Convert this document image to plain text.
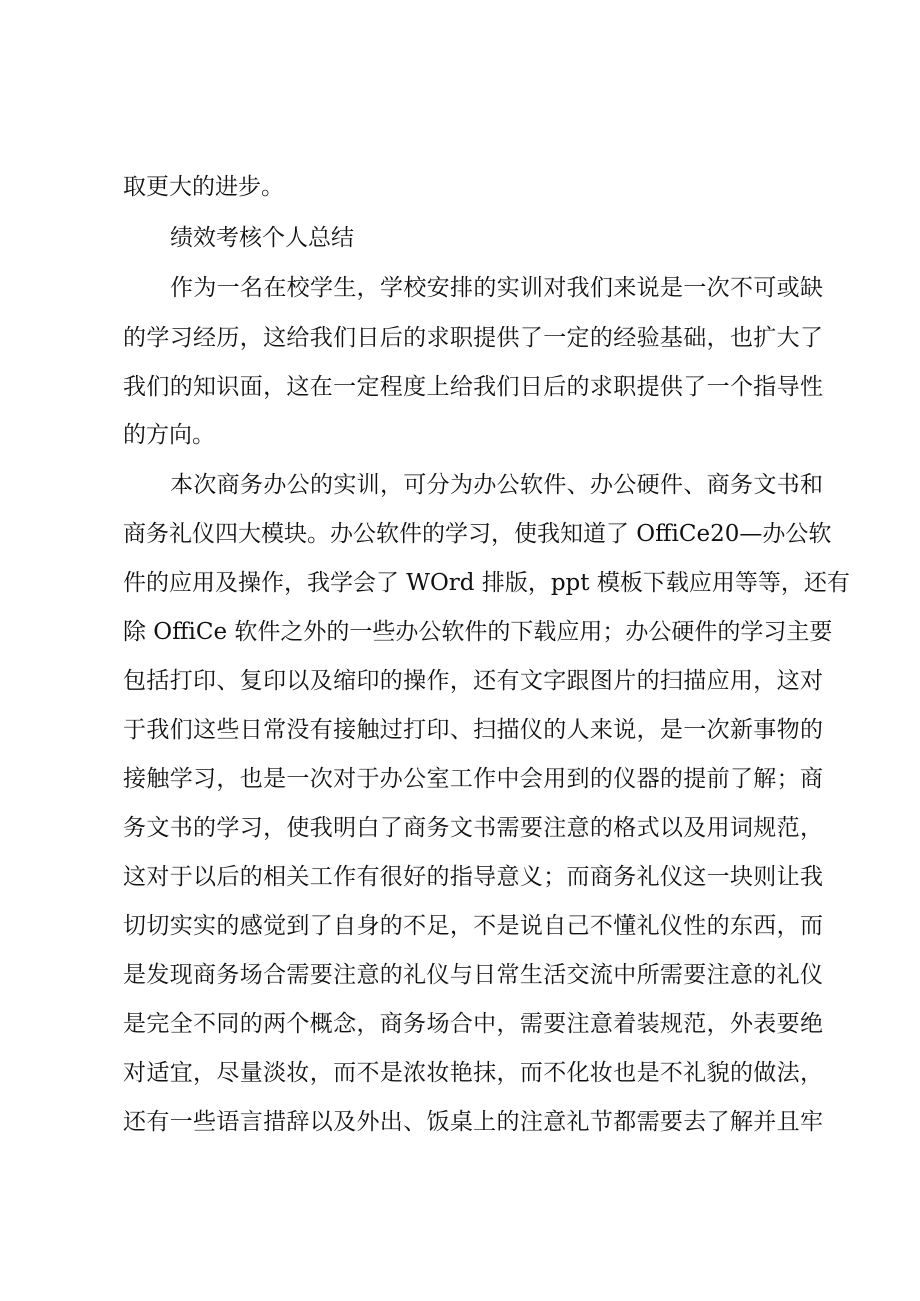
取更大的进步。
绩效考核个人总结
作为一名在校学生，学校安排的实训对我们来说是一次不可或缺
的学习经历，这给我们日后的求职提供了一定的经验基础，也扩大了
我们的知识面，这在一定程度上给我们日后的求职提供了一个指导性
的方向。
本次商务办公的实训，可分为办公软件、办公硬件、商务文书和
商务礼仪四大模块。办公软件的学习，使我知道了 OffiCe20—办公软
件的应用及操作，我学会了 WOrd 排版，ppt 模板下载应用等等，还有
除 OffiCe 软件之外的一些办公软件的下载应用；办公硬件的学习主要
包括打印、复印以及缩印的操作，还有文字跟图片的扫描应用，这对
于我们这些日常没有接触过打印、扫描仪的人来说，是一次新事物的
接触学习，也是一次对于办公室工作中会用到的仪器的提前了解；商
务文书的学习，使我明白了商务文书需要注意的格式以及用词规范，
这对于以后的相关工作有很好的指导意义；而商务礼仪这一块则让我
切切实实的感觉到了自身的不足，不是说自己不懂礼仪性的东西，而
是发现商务场合需要注意的礼仪与日常生活交流中所需要注意的礼仪
是完全不同的两个概念，商务场合中，需要注意着装规范，外表要绝
对适宜，尽量淡妆，而不是浓妆艳抹，而不化妆也是不礼貌的做法，
还有一些语言措辞以及外出、饭桌上的注意礼节都需要去了解并且牢
